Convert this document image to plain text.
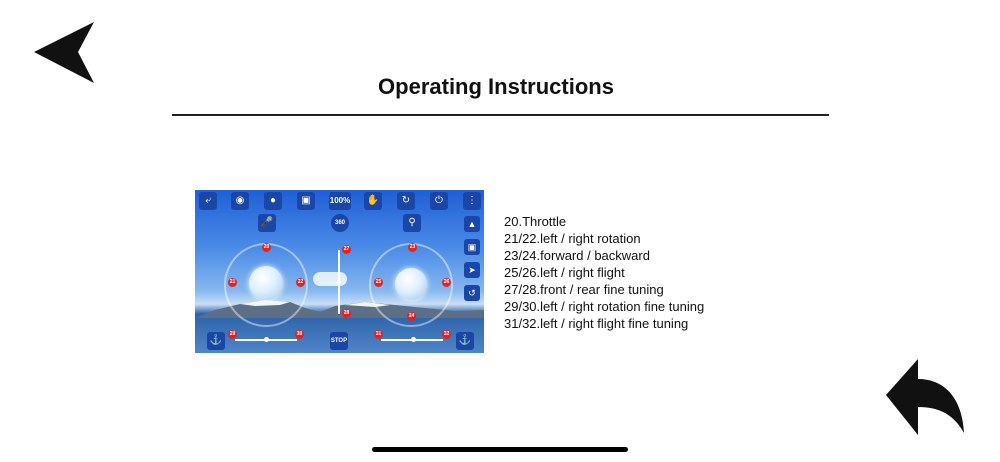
Operating Instructions
⤶	◉	●	▣	100% ✋	↻	⏻	⋮
🎤	360	⚲	▲
▣
➤
↺
⚓	STOP	⚓
20
21	22
23
24
25	26
27
28
29	30	31	32
20.Throttle
21/22.left / right rotation
23/24.forward / backward
25/26.left / right flight
27/28.front / rear fine tuning
29/30.left / right rotation fine tuning
31/32.left / right flight fine tuning
